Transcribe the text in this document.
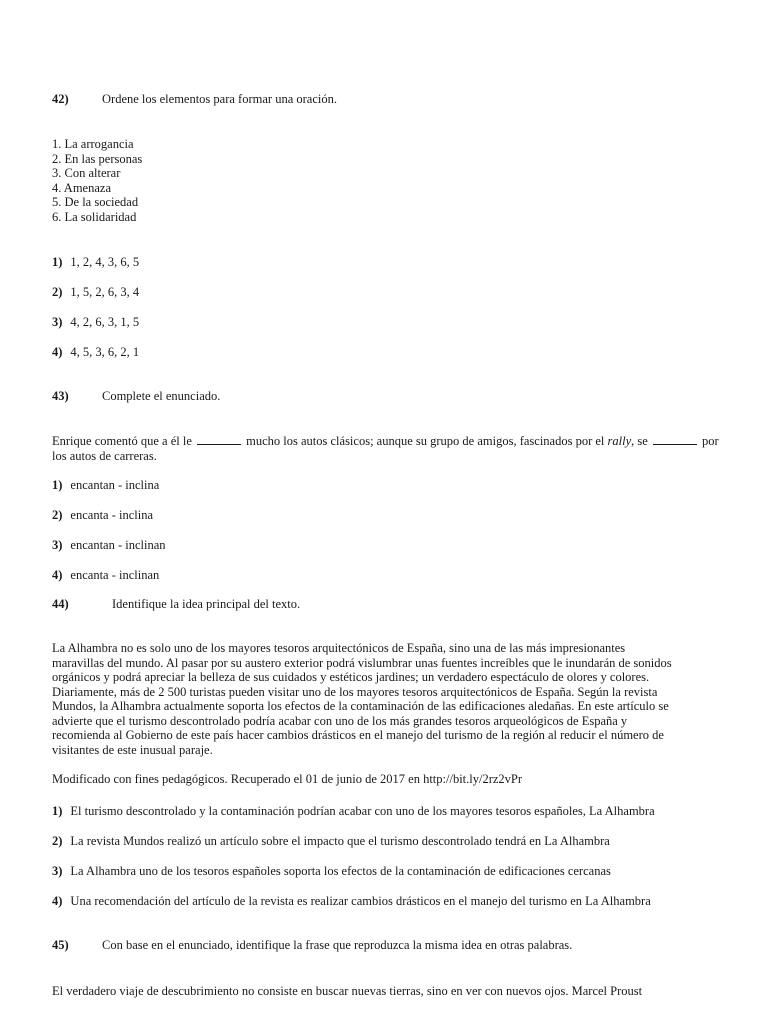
42)	Ordene los elementos para formar una oración.
1. La arrogancia
2. En las personas
3. Con alterar
4. Amenaza
5. De la sociedad
6. La solidaridad
1) 1, 2, 4, 3, 6, 5
2) 1, 5, 2, 6, 3, 4
3) 4, 2, 6, 3, 1, 5
4) 4, 5, 3, 6, 2, 1
43)	Complete el enunciado.
Enrique comentó que a él le	mucho los autos clásicos; aunque su grupo de amigos, fascinados por el rally, se	por
los autos de carreras.
1) encantan - inclina
2) encanta - inclina
3) encantan - inclinan
4) encanta - inclinan
44)	Identifique la idea principal del texto.
La Alhambra no es solo uno de los mayores tesoros arquitectónicos de España, sino una de las más impresionantes
maravillas del mundo. Al pasar por su austero exterior podrá vislumbrar unas fuentes increíbles que le inundarán de sonidos
orgánicos y podrá apreciar la belleza de sus cuidados y estéticos jardines; un verdadero espectáculo de olores y colores.
Diariamente, más de 2 500 turistas pueden visitar uno de los mayores tesoros arquitectónicos de España. Según la revista
Mundos, la Alhambra actualmente soporta los efectos de la contaminación de las edificaciones aledañas. En este artículo se
advierte que el turismo descontrolado podría acabar con uno de los más grandes tesoros arqueológicos de España y
recomienda al Gobierno de este país hacer cambios drásticos en el manejo del turismo de la región al reducir el número de
visitantes de este inusual paraje.
Modificado con fines pedagógicos. Recuperado el 01 de junio de 2017 en http://bit.ly/2rz2vPr
1) El turismo descontrolado y la contaminación podrían acabar con uno de los mayores tesoros españoles, La Alhambra
2) La revista Mundos realizó un artículo sobre el impacto que el turismo descontrolado tendrá en La Alhambra
3) La Alhambra uno de los tesoros españoles soporta los efectos de la contaminación de edificaciones cercanas
4) Una recomendación del artículo de la revista es realizar cambios drásticos en el manejo del turismo en La Alhambra
45)	Con base en el enunciado, identifique la frase que reproduzca la misma idea en otras palabras.
El verdadero viaje de descubrimiento no consiste en buscar nuevas tierras, sino en ver con nuevos ojos. Marcel Proust
